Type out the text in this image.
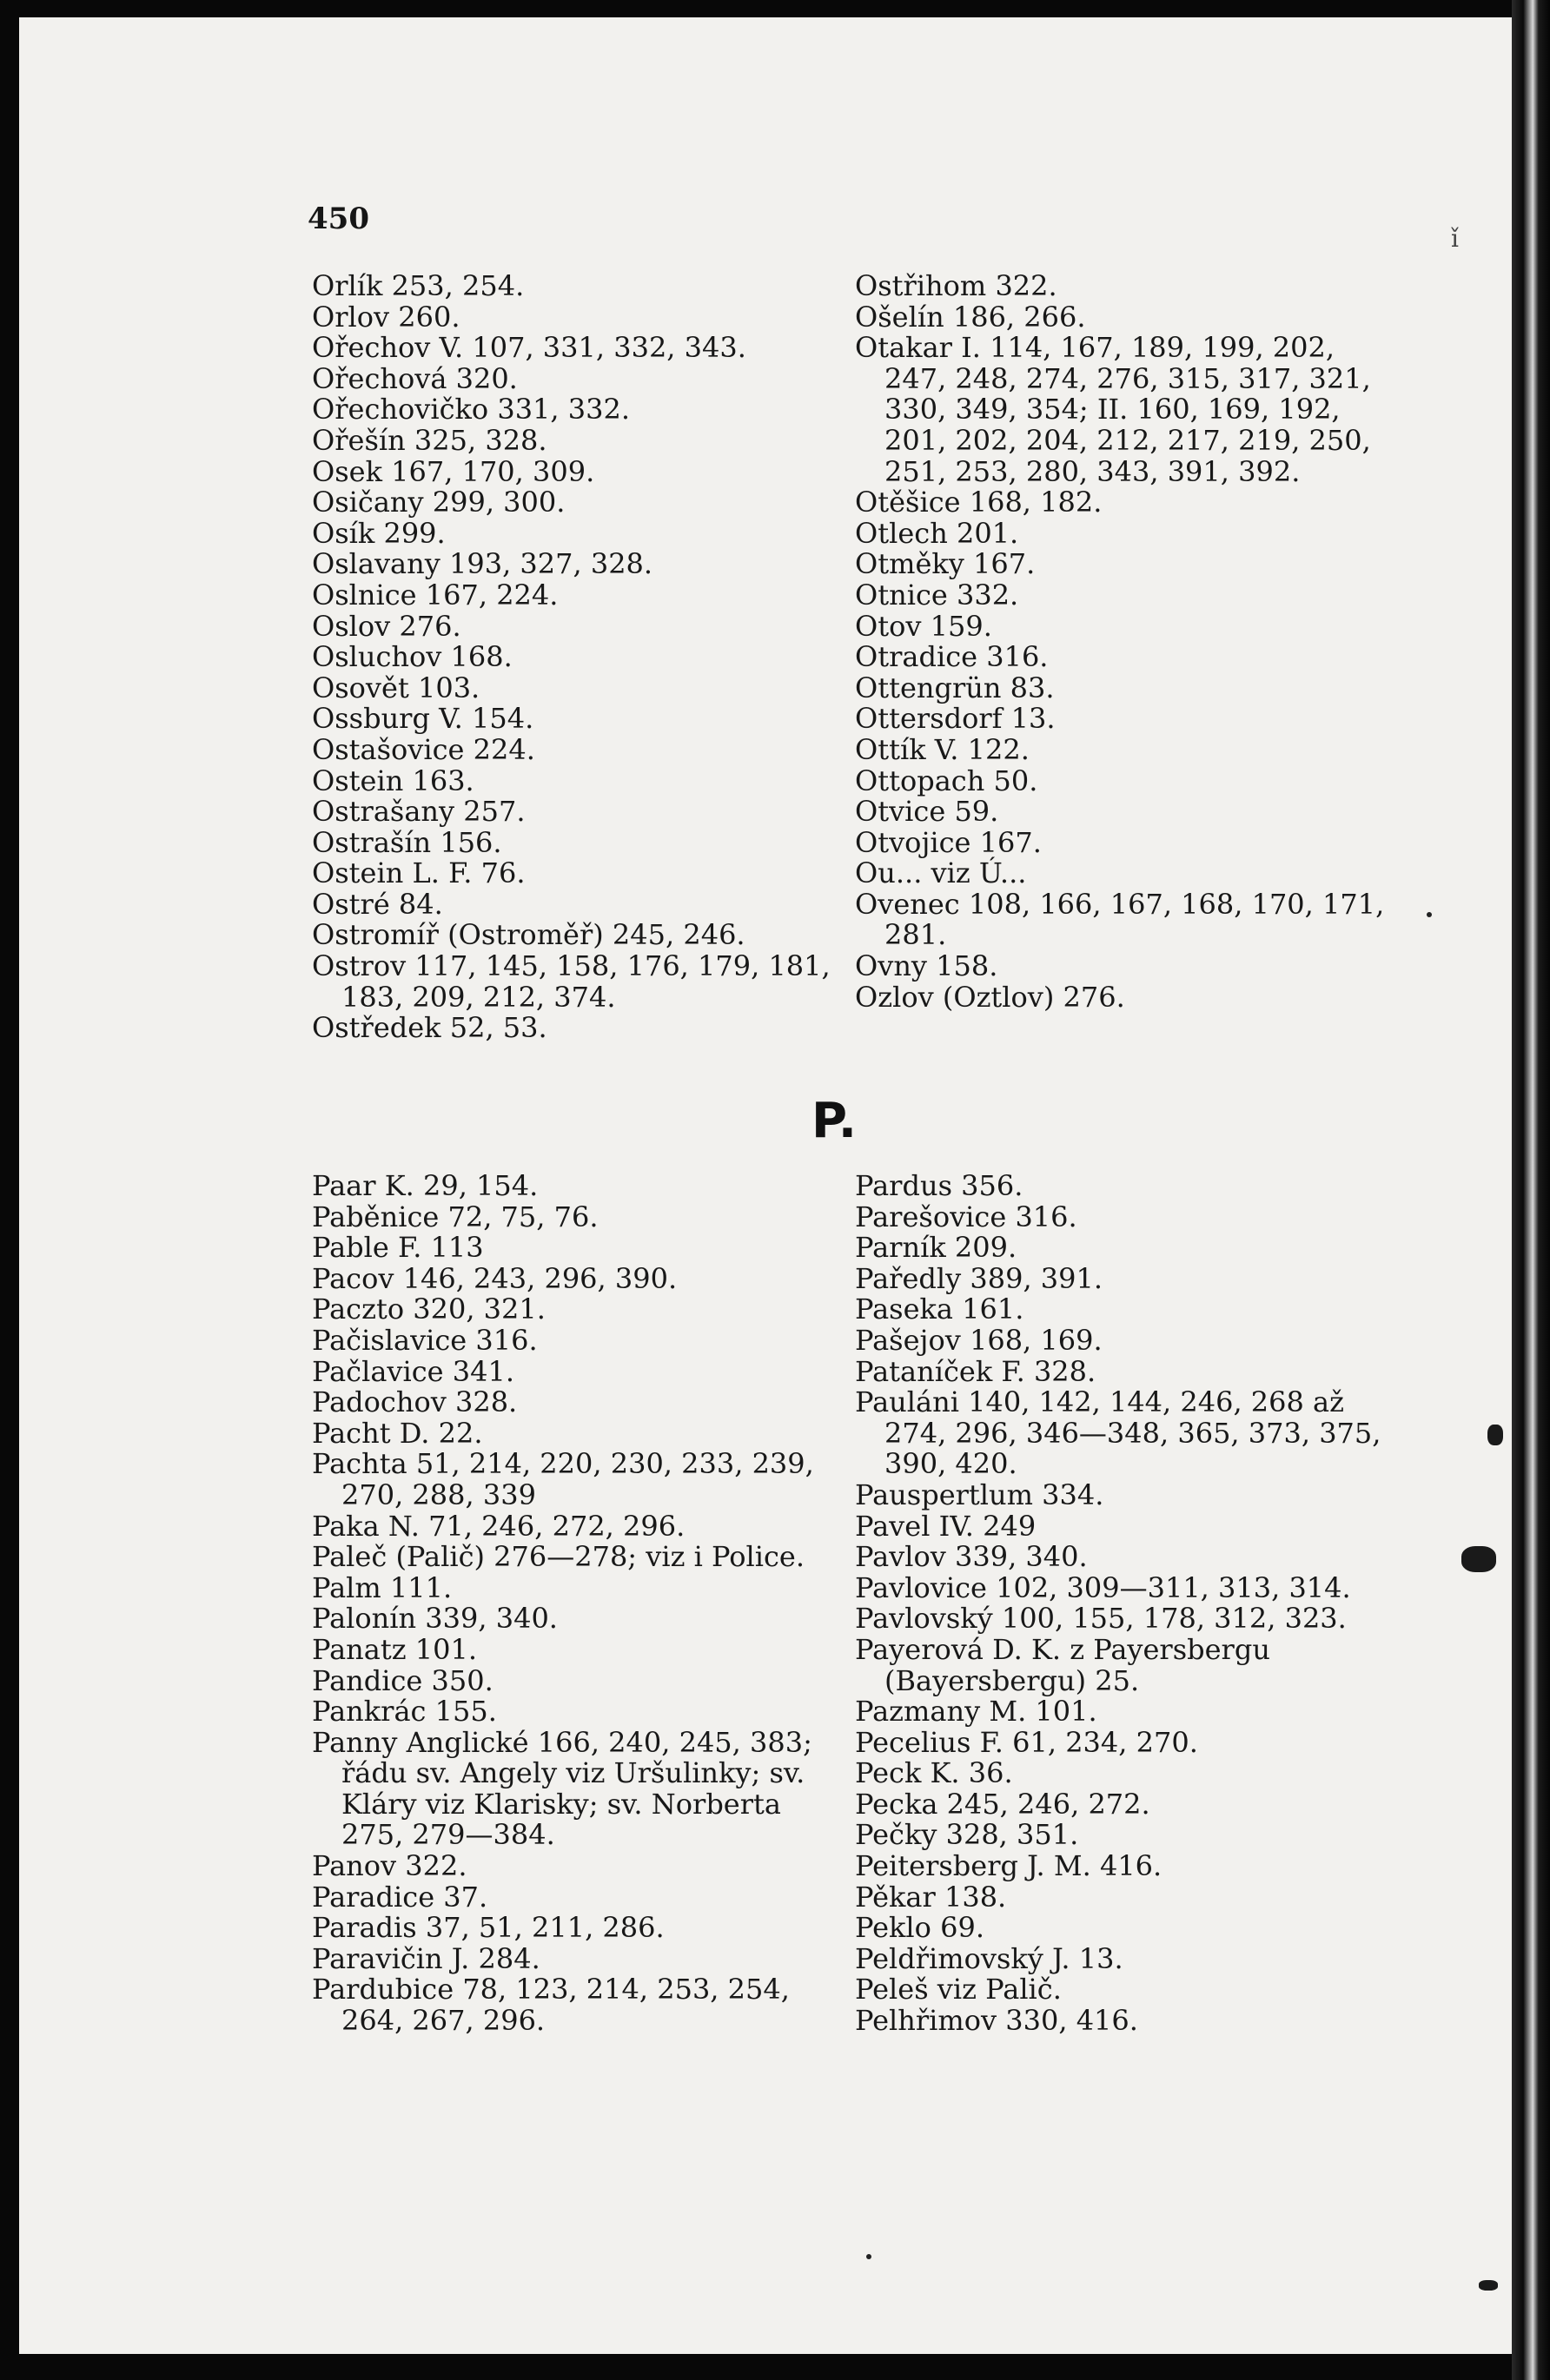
450
ǐ
Orlík 253, 254.
Orlov 260.
Ořechov V. 107, 331, 332, 343.
Ořechová 320.
Ořechovičko 331, 332.
Ořešín 325, 328.
Osek 167, 170, 309.
Osičany 299, 300.
Osík 299.
Oslavany 193, 327, 328.
Oslnice 167, 224.
Oslov 276.
Osluchov 168.
Osovět 103.
Ossburg V. 154.
Ostašovice 224.
Ostein 163.
Ostrašany 257.
Ostrašín 156.
Ostein L. F. 76.
Ostré 84.
Ostromíř (Ostroměř) 245, 246.
Ostrov 117, 145, 158, 176, 179, 181, 183, 209, 212, 374.
Ostředek 52, 53.
Ostřihom 322.
Ošelín 186, 266.
Otakar I. 114, 167, 189, 199, 202, 247, 248, 274, 276, 315, 317, 321, 330, 349, 354; II. 160, 169, 192, 201, 202, 204, 212, 217, 219, 250, 251, 253, 280, 343, 391, 392.
Otěšice 168, 182.
Otlech 201.
Otměky 167.
Otnice 332.
Otov 159.
Otradice 316.
Ottengrün 83.
Ottersdorf 13.
Ottík V. 122.
Ottopach 50.
Otvice 59.
Otvojice 167.
Ou... viz Ú...
Ovenec 108, 166, 167, 168, 170, 171, 281.
Ovny 158.
Ozlov (Oztlov) 276.
P.
Paar K. 29, 154.
Paběnice 72, 75, 76.
Pable F. 113
Pacov 146, 243, 296, 390.
Paczto 320, 321.
Pačislavice 316.
Pačlavice 341.
Padochov 328.
Pacht D. 22.
Pachta 51, 214, 220, 230, 233, 239, 270, 288, 339
Paka N. 71, 246, 272, 296.
Paleč (Palič) 276—278; viz i Police.
Palm 111.
Palonín 339, 340.
Panatz 101.
Pandice 350.
Pankrác 155.
Panny Anglické 166, 240, 245, 383; řádu sv. Angely viz Uršulinky; sv. Kláry viz Klarisky; sv. Norberta 275, 279—384.
Panov 322.
Paradice 37.
Paradis 37, 51, 211, 286.
Paravičin J. 284.
Pardubice 78, 123, 214, 253, 254, 264, 267, 296.
Pardus 356.
Parešovice 316.
Parník 209.
Paředly 389, 391.
Paseka 161.
Pašejov 168, 169.
Pataníček F. 328.
Pauláni 140, 142, 144, 246, 268 až 274, 296, 346—348, 365, 373, 375, 390, 420.
Pauspertlum 334.
Pavel IV. 249
Pavlov 339, 340.
Pavlovice 102, 309—311, 313, 314.
Pavlovský 100, 155, 178, 312, 323.
Payerová D. K. z Payersbergu (Bayersbergu) 25.
Pazmany M. 101.
Pecelius F. 61, 234, 270.
Peck K. 36.
Pecka 245, 246, 272.
Pečky 328, 351.
Peitersberg J. M. 416.
Pěkar 138.
Peklo 69.
Peldřimovský J. 13.
Peleš viz Palič.
Pelhřimov 330, 416.
